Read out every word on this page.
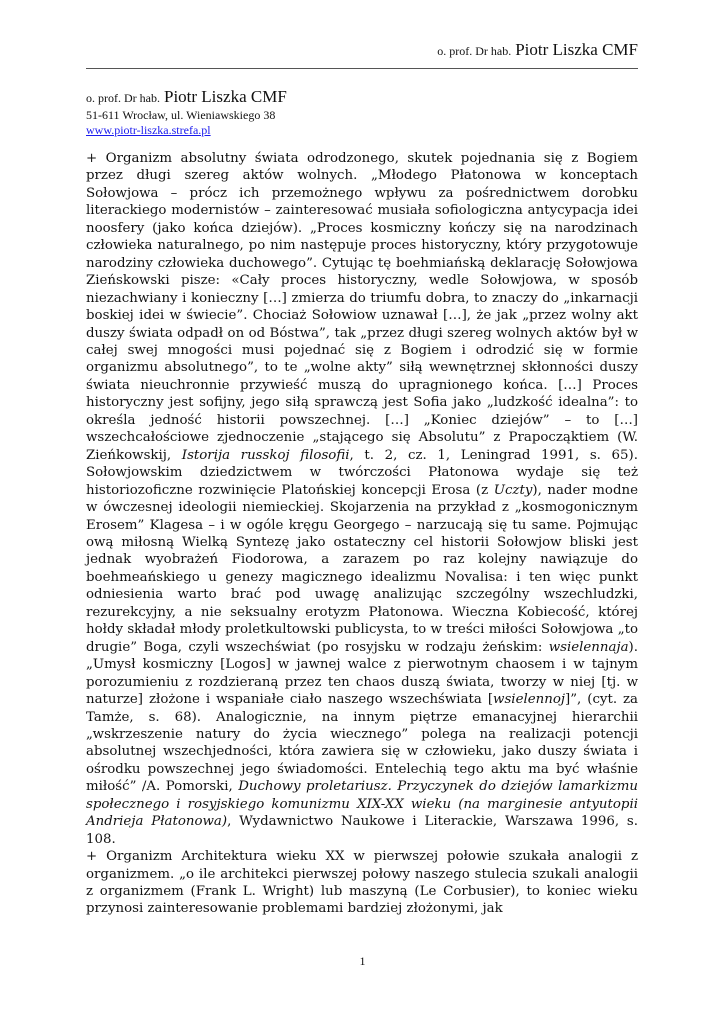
o. prof. Dr hab. Piotr Liszka CMF
o. prof. Dr hab. Piotr Liszka CMF
51-611 Wrocław, ul. Wieniawskiego 38
www.piotr-liszka.strefa.pl

+ Organizm absolutny świata odrodzonego, skutek pojednania się z Bogiem przez długi szereg aktów wolnych. „Młodego Płatonowa w konceptach Sołowjowa – prócz ich przemożnego wpływu za pośrednictwem dorobku literackiego modernistów – zainteresować musiała sofiologiczna antycypacja idei noosfery (jako końca dziejów). „Proces kosmiczny kończy się na narodzinach człowieka naturalnego, po nim następuje proces historyczny, który przygotowuje narodziny człowieka duchowego”. Cytując tę boehmiańską deklarację Sołowjowa Zieńskowski pisze: «Cały proces historyczny, wedle Sołowjowa, w sposób niezachwiany i konieczny […] zmierza do triumfu dobra, to znaczy do „inkarnacji boskiej idei w świecie”. Chociaż Sołowiow uznawał […], że jak „przez wolny akt duszy świata odpadł on od Bóstwa”, tak „przez długi szereg wolnych aktów był w całej swej mnogości musi pojednać się z Bogiem i odrodzić się w formie organizmu absolutnego”, to te „wolne akty” siłą wewnętrznej skłonności duszy świata nieuchronnie przywieść muszą do upragnionego końca. […] Proces historyczny jest sofijny, jego siłą sprawczą jest Sofia jako „ludzkość idealna”: to określa jedność historii powszechnej. […] „Koniec dziejów” – to […] wszechcałościowe zjednoczenie „stającego się Absolutu” z Prapocząktiem (W. Zieńkowskij, Istorija russkoj filosofii, t. 2, cz. 1, Leningrad 1991, s. 65). Sołowjowskim dziedzictwem w twórczości Płatonowa wydaje się też historiozoficzne rozwinięcie Platońskiej koncepcji Erosa (z Uczty), nader modne w ówczesnej ideologii niemieckiej. Skojarzenia na przykład z „kosmogonicznym Erosem” Klagesa – i w ogóle kręgu Georgego – narzucają się tu same. Pojmując ową miłosną Wielką Syntezę jako ostateczny cel historii Sołowjow bliski jest jednak wyobrażeń Fiodorowa, a zarazem po raz kolejny nawiązuje do boehmeańskiego u genezy magicznego idealizmu Novalisa: i ten więc punkt odniesienia warto brać pod uwagę analizując szczególny wszechludzki, rezurekcyjny, a nie seksualny erotyzm Płatonowa. Wieczna Kobiecość, której hołdy składał młody proletkultowski publicysta, to w treści miłości Sołowjowa „to drugie” Boga, czyli wszechświat (po rosyjsku w rodzaju żeńskim: wsielennaja). „Umysł kosmiczny [Logos] w jawnej walce z pierwotnym chaosem i w tajnym porozumieniu z rozdzieraną przez ten chaos duszą świata, tworzy w niej [tj. w naturze] złożone i wspaniałe ciało naszego wszechświata [wsielennoj]”, (cyt. za Tamże, s. 68). Analogicznie, na innym piętrze emanacyjnej hierarchii „wskrzeszenie natury do życia wiecznego” polega na realizacji potencji absolutnej wszechjedności, która zawiera się w człowieku, jako duszy świata i ośrodku powszechnej jego świadomości. Entelechią tego aktu ma być właśnie miłość” /A. Pomorski, Duchowy proletariusz. Przyczynek do dziejów lamarkizmu społecznego i rosyjskiego komunizmu XIX-XX wieku (na marginesie antyutopii Andrieja Płatonowa), Wydawnictwo Naukowe i Literackie, Warszawa 1996, s. 108.

+ Organizm Architektura wieku XX w pierwszej połowie szukała analogii z organizmem. „o ile architekci pierwszej połowy naszego stulecia szukali analogii z organizmem (Frank L. Wright) lub maszyną (Le Corbusier), to koniec wieku przynosi zainteresowanie problemami bardziej złożonymi, jak

1
